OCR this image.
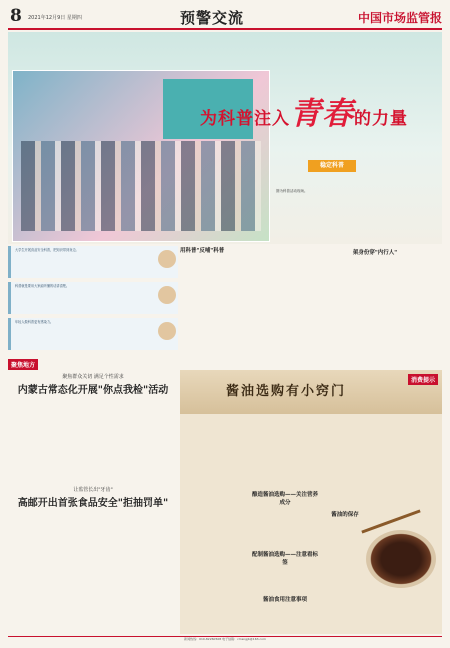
8 2021年12月9日 星期四	预警交流	中国市场监管报
为科普注入青春的力量
稳定科普
图为科普活动现场。
大学生开展食品安全科普，把知识带到身边。
科普就是要用大家能听懂的话讲清楚。
年轻人做科普更有感染力。
用科普"反哺"科普	架身份穿"内行人"
聚焦地方
聚焦群众关切 满足个性需求
内蒙古常态化开展"你点我检"活动
让监管长出"牙齿"
高邮开出首张食品安全"拒抽罚单"
消费提示
酱油选购有小窍门
酿造酱油选购——关注营养成分
配制酱油选购——注意看标签
酱油食用注意事项
酱油的保存
新闻热线：010-82260508 电子信箱：cmsngjb@163.com
